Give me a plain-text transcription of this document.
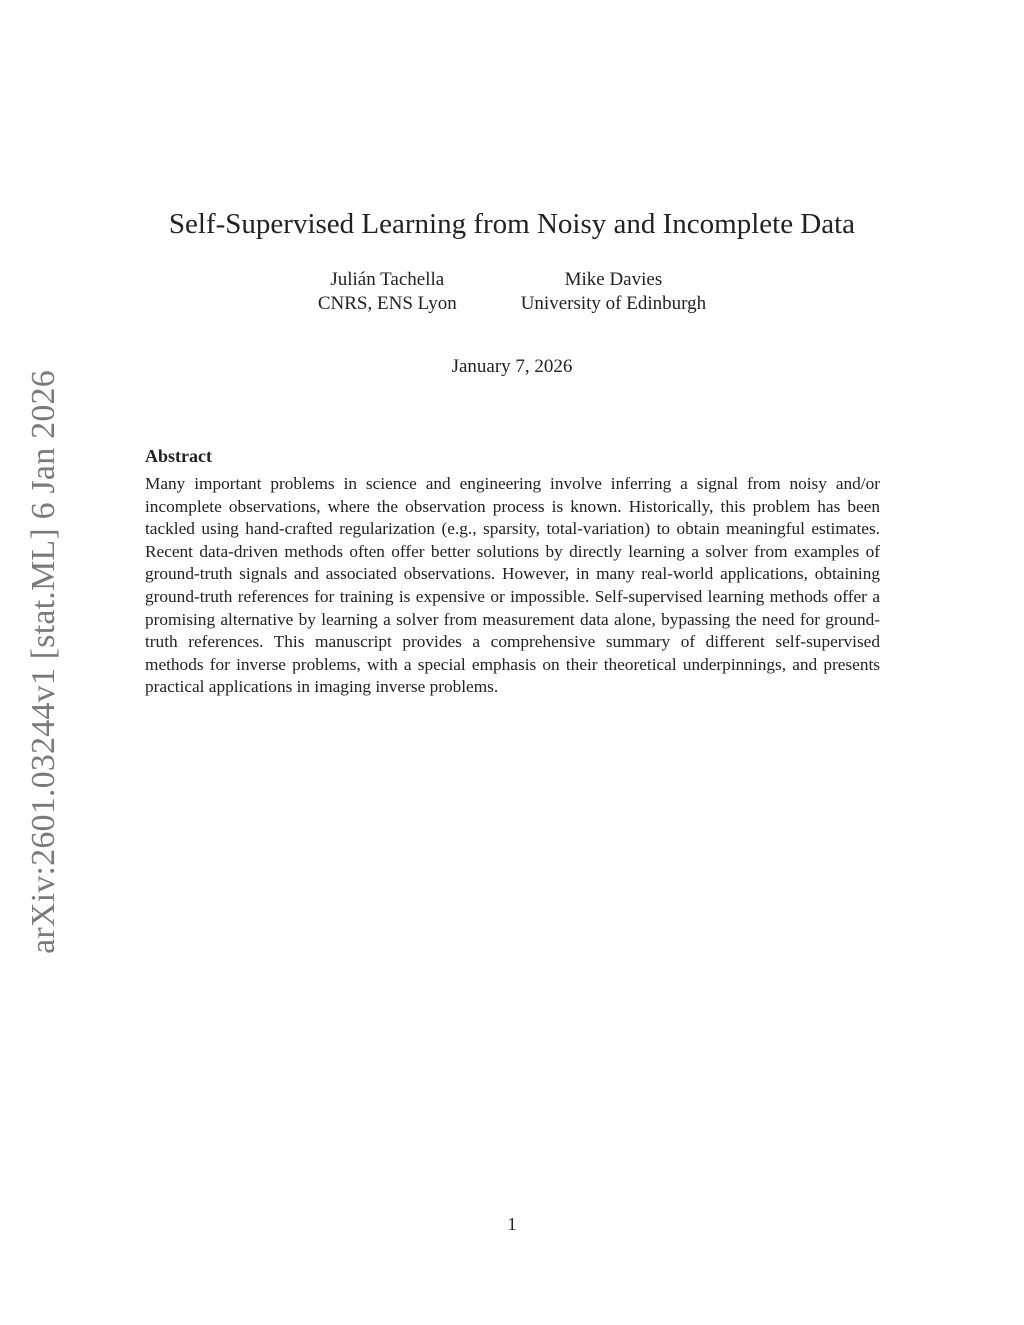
arXiv:2601.03244v1 [stat.ML] 6 Jan 2026
Self-Supervised Learning from Noisy and Incomplete Data
Julián Tachella
CNRS, ENS Lyon
Mike Davies
University of Edinburgh
January 7, 2026
Abstract

Many important problems in science and engineering involve inferring a signal from noisy and/or incomplete observations, where the observation process is known. Historically, this problem has been tackled using hand-crafted regularization (e.g., sparsity, total-variation) to obtain meaningful estimates. Recent data-driven methods often offer better solutions by directly learning a solver from examples of ground-truth signals and associated observations. However, in many real-world applications, obtaining ground-truth references for training is expensive or impossible. Self-supervised learning methods offer a promising alternative by learning a solver from measurement data alone, bypassing the need for ground-truth references. This manuscript provides a comprehensive summary of different self-supervised methods for inverse problems, with a special emphasis on their theoretical underpinnings, and presents practical applications in imaging inverse problems.

1
